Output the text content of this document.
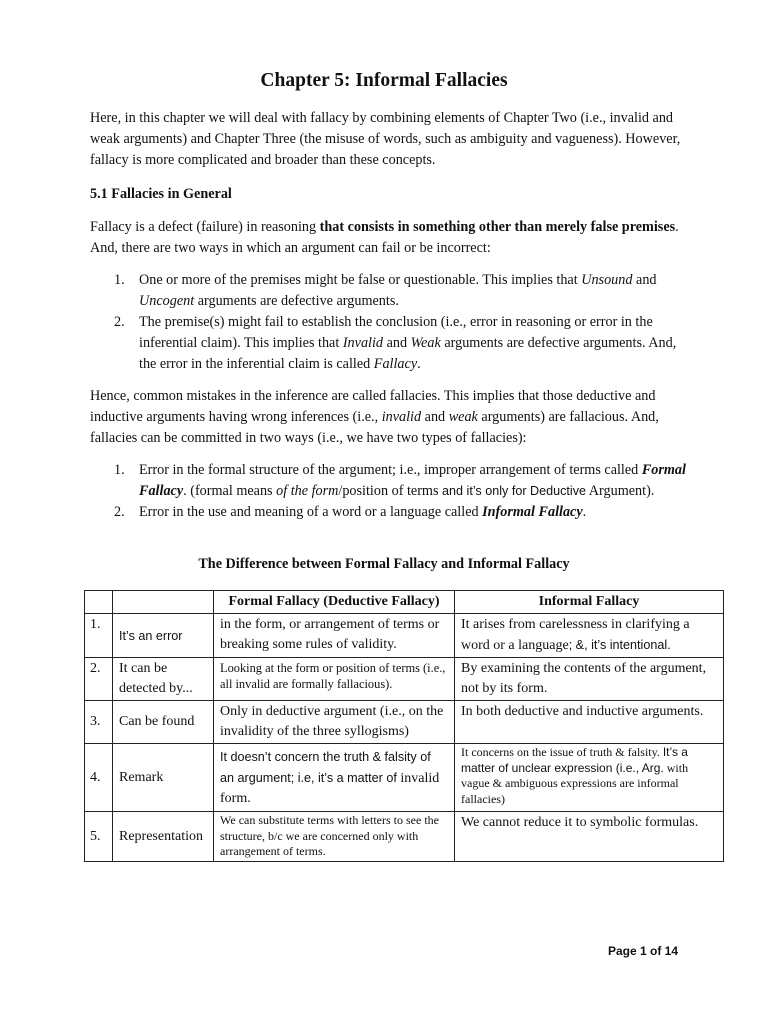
Chapter 5: Informal Fallacies

Here, in this chapter we will deal with fallacy by combining elements of Chapter Two (i.e., invalid and weak arguments) and Chapter Three (the misuse of words, such as ambiguity and vagueness). However, fallacy is more complicated and broader than these concepts.

5.1 Fallacies in General

Fallacy is a defect (failure) in reasoning that consists in something other than merely false premises. And, there are two ways in which an argument can fail or be incorrect:

1. One or more of the premises might be false or questionable. This implies that Unsound and Uncogent arguments are defective arguments.
2. The premise(s) might fail to establish the conclusion (i.e., error in reasoning or error in the inferential claim). This implies that Invalid and Weak arguments are defective arguments. And, the error in the inferential claim is called Fallacy.

Hence, common mistakes in the inference are called fallacies. This implies that those deductive and inductive arguments having wrong inferences (i.e., invalid and weak arguments) are fallacious. And, fallacies can be committed in two ways (i.e., we have two types of fallacies):

1. Error in the formal structure of the argument; i.e., improper arrangement of terms called Formal Fallacy. (formal means of the form/position of terms and it’s only for Deductive Argument).
2. Error in the use and meaning of a word or a language called Informal Fallacy.
The Difference between Formal Fallacy and Informal Fallacy
		Formal Fallacy (Deductive Fallacy)	Informal Fallacy
1.	It’s an error	in the form, or arrangement of terms or breaking some rules of validity.	It arises from carelessness in clarifying a word or a language; &, it’s intentional.
2.	It can be detected by...	Looking at the form or position of terms (i.e., all invalid are formally fallacious).	By examining the contents of the argument, not by its form.
3.	Can be found	Only in deductive argument (i.e., on the invalidity of the three syllogisms)	In both deductive and inductive arguments.
4.	Remark	It doesn’t concern the truth & falsity of an argument; i.e, it’s a matter of invalid form.	It concerns on the issue of truth & falsity. It’s a matter of unclear expression (i.e., Arg. with vague & ambiguous expressions are informal fallacies)
5.	Representation	We can substitute terms with letters to see the structure, b/c we are concerned only with arrangement of terms.	We cannot reduce it to symbolic formulas.
Page 1 of 14
